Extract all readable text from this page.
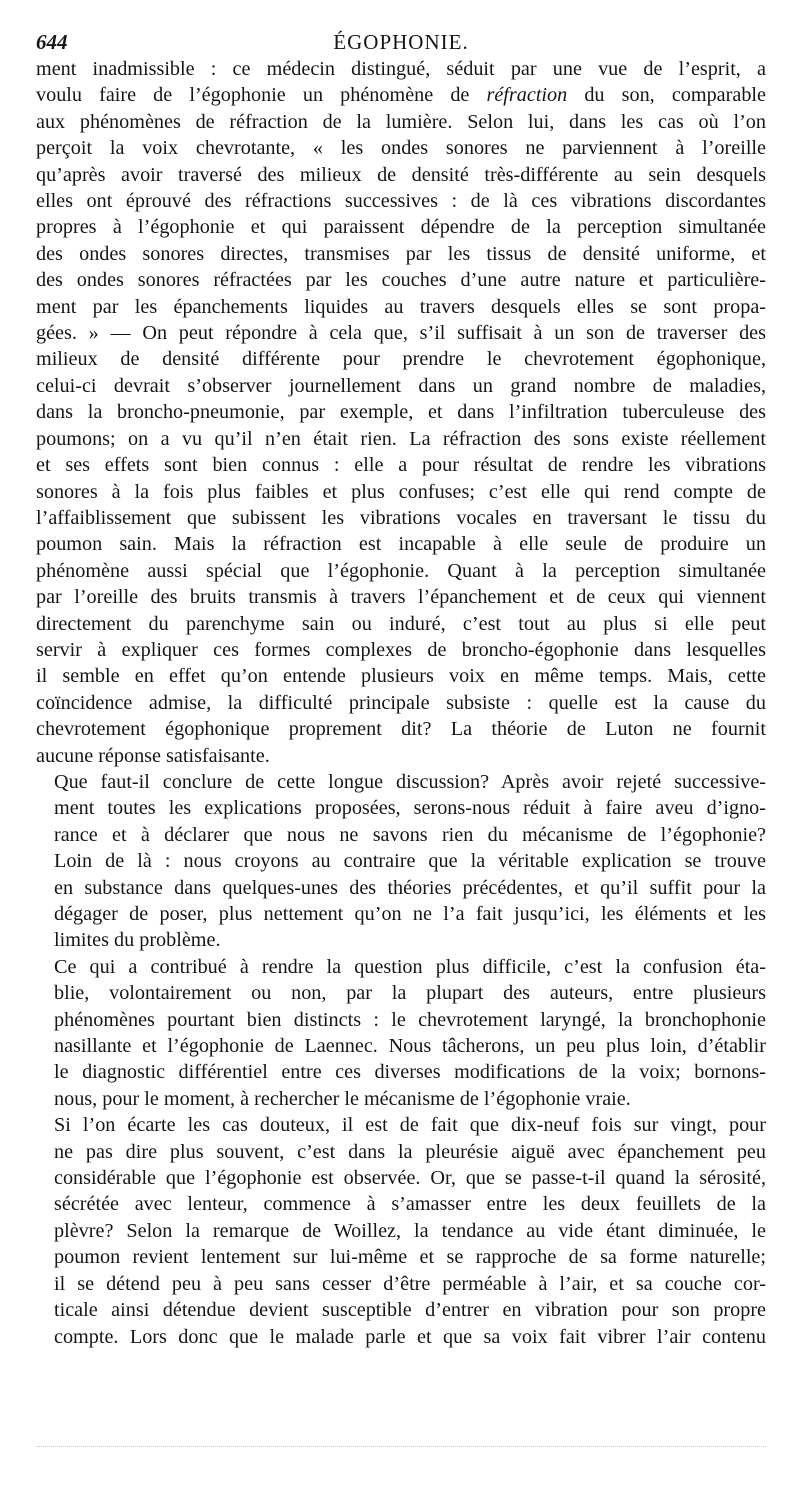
644	ÉGOPHONIE.

ment inadmissible : ce médecin distingué, séduit par une vue de l’esprit, a
voulu faire de l’égophonie un phénomène de réfraction du son, comparable
aux phénomènes de réfraction de la lumière. Selon lui, dans les cas où l’on
perçoit la voix chevrotante, « les ondes sonores ne parviennent à l’oreille
qu’après avoir traversé des milieux de densité très-différente au sein desquels
elles ont éprouvé des réfractions successives : de là ces vibrations discordantes
propres à l’égophonie et qui paraissent dépendre de la perception simultanée
des ondes sonores directes, transmises par les tissus de densité uniforme, et
des ondes sonores réfractées par les couches d’une autre nature et particulière-
ment par les épanchements liquides au travers desquels elles se sont propa-
gées. » — On peut répondre à cela que, s’il suffisait à un son de traverser des
milieux de densité différente pour prendre le chevrotement égophonique,
celui-ci devrait s’observer journellement dans un grand nombre de maladies,
dans la broncho-pneumonie, par exemple, et dans l’infiltration tuberculeuse des
poumons; on a vu qu’il n’en était rien. La réfraction des sons existe réellement
et ses effets sont bien connus : elle a pour résultat de rendre les vibrations
sonores à la fois plus faibles et plus confuses; c’est elle qui rend compte de
l’affaiblissement que subissent les vibrations vocales en traversant le tissu du
poumon sain. Mais la réfraction est incapable à elle seule de produire un
phénomène aussi spécial que l’égophonie. Quant à la perception simultanée
par l’oreille des bruits transmis à travers l’épanchement et de ceux qui viennent
directement du parenchyme sain ou induré, c’est tout au plus si elle peut
servir à expliquer ces formes complexes de broncho-égophonie dans lesquelles
il semble en effet qu’on entende plusieurs voix en même temps. Mais, cette
coïncidence admise, la difficulté principale subsiste : quelle est la cause du
chevrotement égophonique proprement dit? La théorie de Luton ne fournit
aucune réponse satisfaisante.

Que faut-il conclure de cette longue discussion? Après avoir rejeté successive-
ment toutes les explications proposées, serons-nous réduit à faire aveu d’igno-
rance et à déclarer que nous ne savons rien du mécanisme de l’égophonie?
Loin de là : nous croyons au contraire que la véritable explication se trouve
en substance dans quelques-unes des théories précédentes, et qu’il suffit pour la
dégager de poser, plus nettement qu’on ne l’a fait jusqu’ici, les éléments et les
limites du problème.

Ce qui a contribué à rendre la question plus difficile, c’est la confusion éta-
blie, volontairement ou non, par la plupart des auteurs, entre plusieurs
phénomènes pourtant bien distincts : le chevrotement laryngé, la bronchophonie
nasillante et l’égophonie de Laennec. Nous tâcherons, un peu plus loin, d’établir
le diagnostic différentiel entre ces diverses modifications de la voix; bornons-
nous, pour le moment, à rechercher le mécanisme de l’égophonie vraie.

Si l’on écarte les cas douteux, il est de fait que dix-neuf fois sur vingt, pour
ne pas dire plus souvent, c’est dans la pleurésie aiguë avec épanchement peu
considérable que l’égophonie est observée. Or, que se passe-t-il quand la sérosité,
sécrétée avec lenteur, commence à s’amasser entre les deux feuillets de la
plèvre? Selon la remarque de Woillez, la tendance au vide étant diminuée, le
poumon revient lentement sur lui-même et se rapproche de sa forme naturelle;
il se détend peu à peu sans cesser d’être perméable à l’air, et sa couche cor-
ticale ainsi détendue devient susceptible d’entrer en vibration pour son propre
compte. Lors donc que le malade parle et que sa voix fait vibrer l’air contenu
